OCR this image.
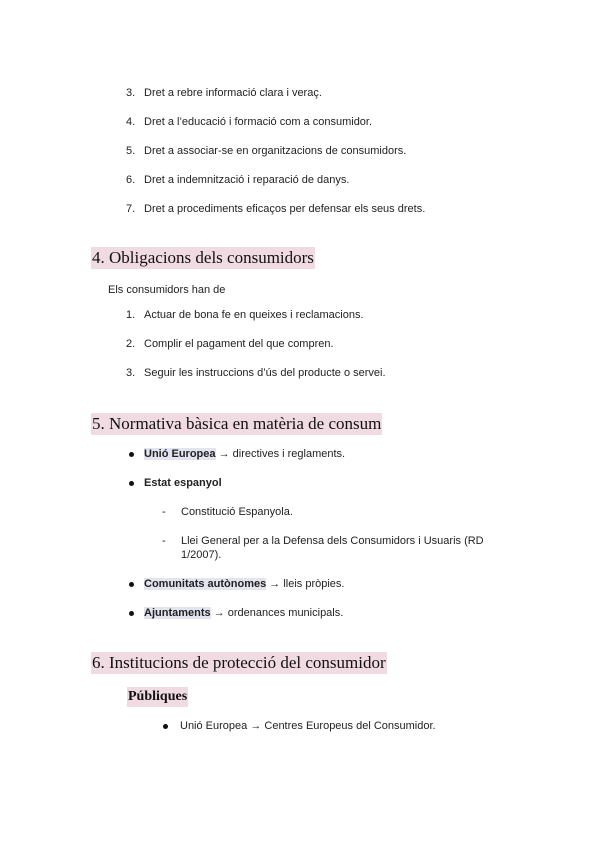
3. Dret a rebre informació clara i veraç.
4. Dret a l’educació i formació com a consumidor.
5. Dret a associar-se en organitzacions de consumidors.
6. Dret a indemnització i reparació de danys.
7. Dret a procediments eficaços per defensar els seus drets.
4. Obligacions dels consumidors
Els consumidors han de
1. Actuar de bona fe en queixes i reclamacions.
2. Complir el pagament del que compren.
3. Seguir les instruccions d’ús del producte o servei.
5. Normativa bàsica en matèria de consum
Unió Europea → directives i reglaments.
Estat espanyol
- Constitució Espanyola.
- Llei General per a la Defensa dels Consumidors i Usuaris (RD
1/2007).
Comunitats autònomes → lleis pròpies.
Ajuntaments → ordenances municipals.
6. Institucions de protecció del consumidor
Públiques
Unió Europea → Centres Europeus del Consumidor.
